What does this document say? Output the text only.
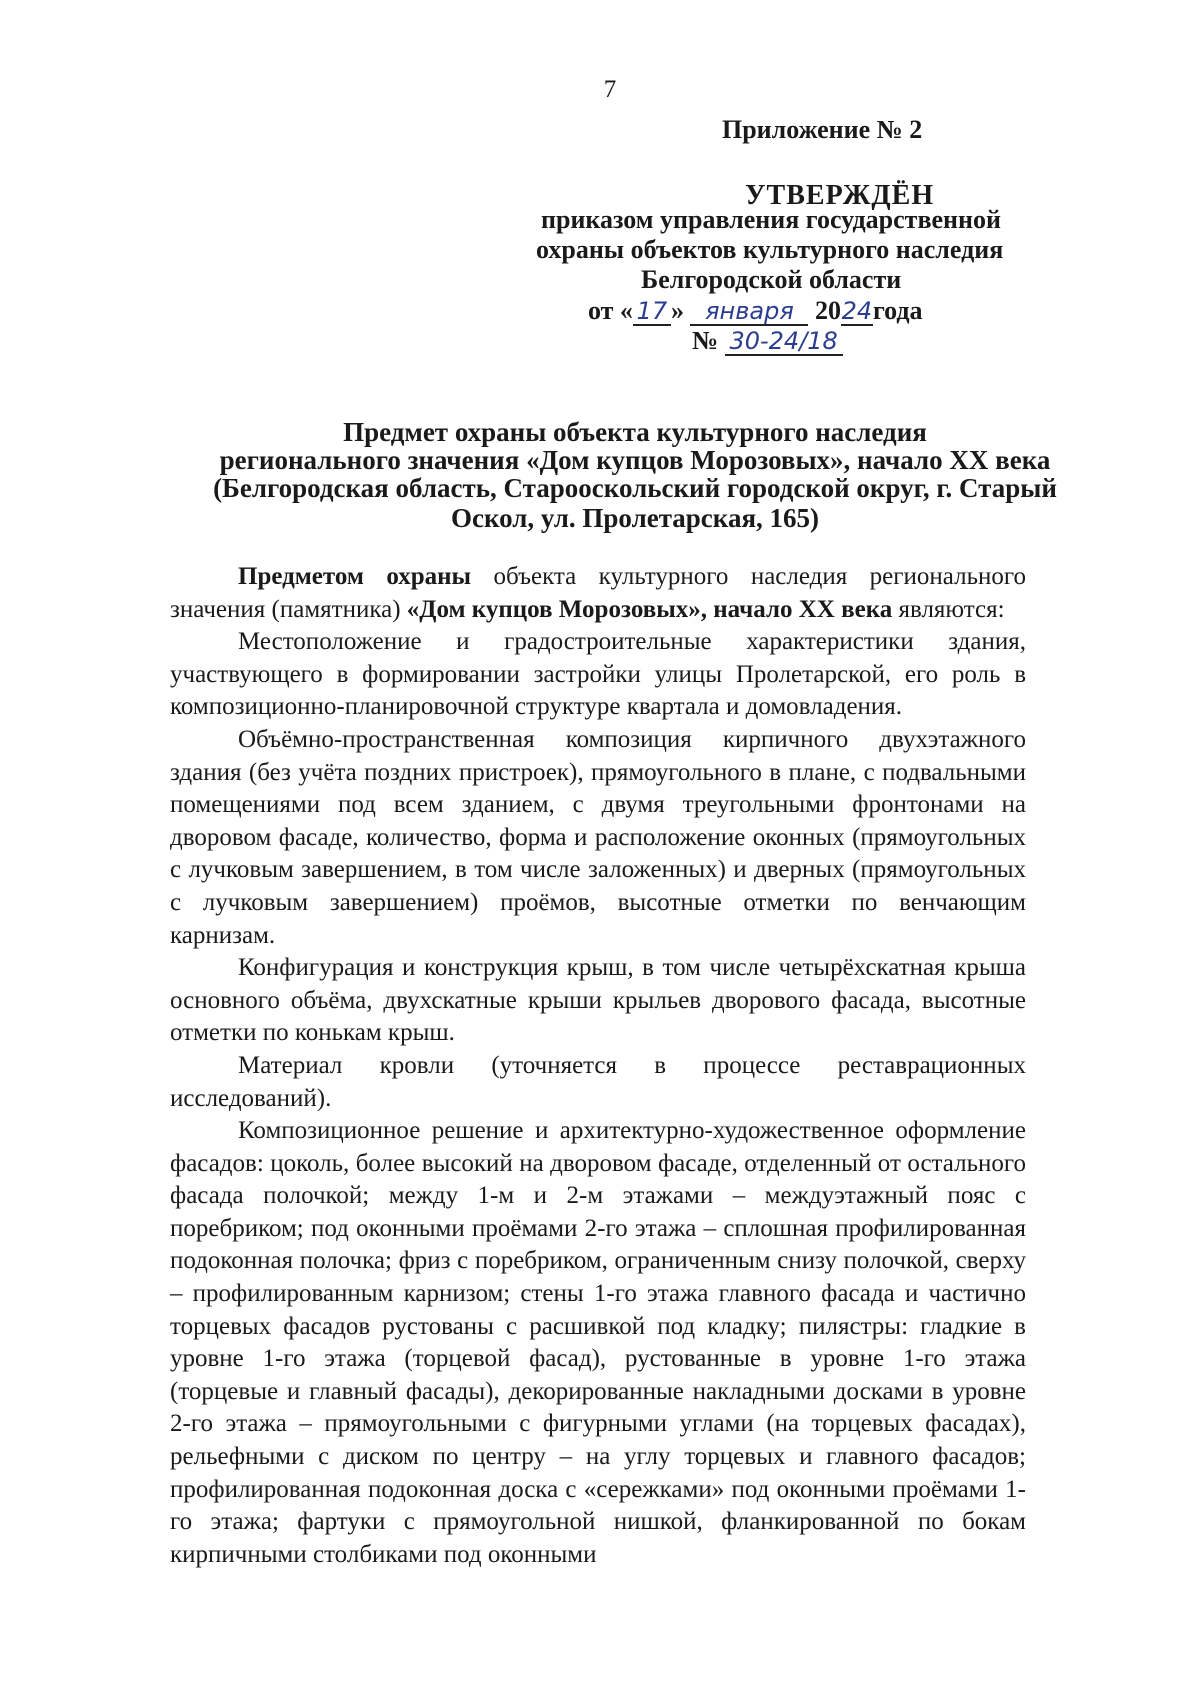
7
Приложение № 2
УТВЕРЖДЁН
приказом управления государственной
охраны объектов культурного наследия
Белгородской области
от « 17 » января 2024года
№ 30-24/18
Предмет охраны объекта культурного наследия
регионального значения «Дом купцов Морозовых», начало XX века
(Белгородская область, Старооскольский городской округ, г. Старый
Оскол, ул. Пролетарская, 165)

Предметом охраны объекта культурного наследия регионального значения (памятника) «Дом купцов Морозовых», начало XX века являются:

Местоположение и градостроительные характеристики здания, участвующего в формировании застройки улицы Пролетарской, его роль в композиционно-планировочной структуре квартала и домовладения.

Объёмно-пространственная композиция кирпичного двухэтажного здания (без учёта поздних пристроек), прямоугольного в плане, с подвальными помещениями под всем зданием, с двумя треугольными фронтонами на дворовом фасаде, количество, форма и расположение оконных (прямоугольных с лучковым завершением, в том числе заложенных) и дверных (прямоугольных с лучковым завершением) проёмов, высотные отметки по венчающим карнизам.

Конфигурация и конструкция крыш, в том числе четырёхскатная крыша основного объёма, двухскатные крыши крыльев дворового фасада, высотные отметки по конькам крыш.

Материал кровли (уточняется в процессе реставрационных исследований).

Композиционное решение и архитектурно-художественное оформление фасадов: цоколь, более высокий на дворовом фасаде, отделенный от остального фасада полочкой; между 1-м и 2-м этажами – междуэтажный пояс с поребриком; под оконными проёмами 2-го этажа – сплошная профилированная подоконная полочка; фриз с поребриком, ограниченным снизу полочкой, сверху – профилированным карнизом; стены 1-го этажа главного фасада и частично торцевых фасадов рустованы с расшивкой под кладку; пилястры: гладкие в уровне 1-го этажа (торцевой фасад), рустованные в уровне 1-го этажа (торцевые и главный фасады), декорированные накладными досками в уровне 2-го этажа – прямоугольными с фигурными углами (на торцевых фасадах), рельефными с диском по центру – на углу торцевых и главного фасадов; профилированная подоконная доска с «сережками» под оконными проёмами 1-го этажа; фартуки с прямоугольной нишкой, фланкированной по бокам кирпичными столбиками под оконными
